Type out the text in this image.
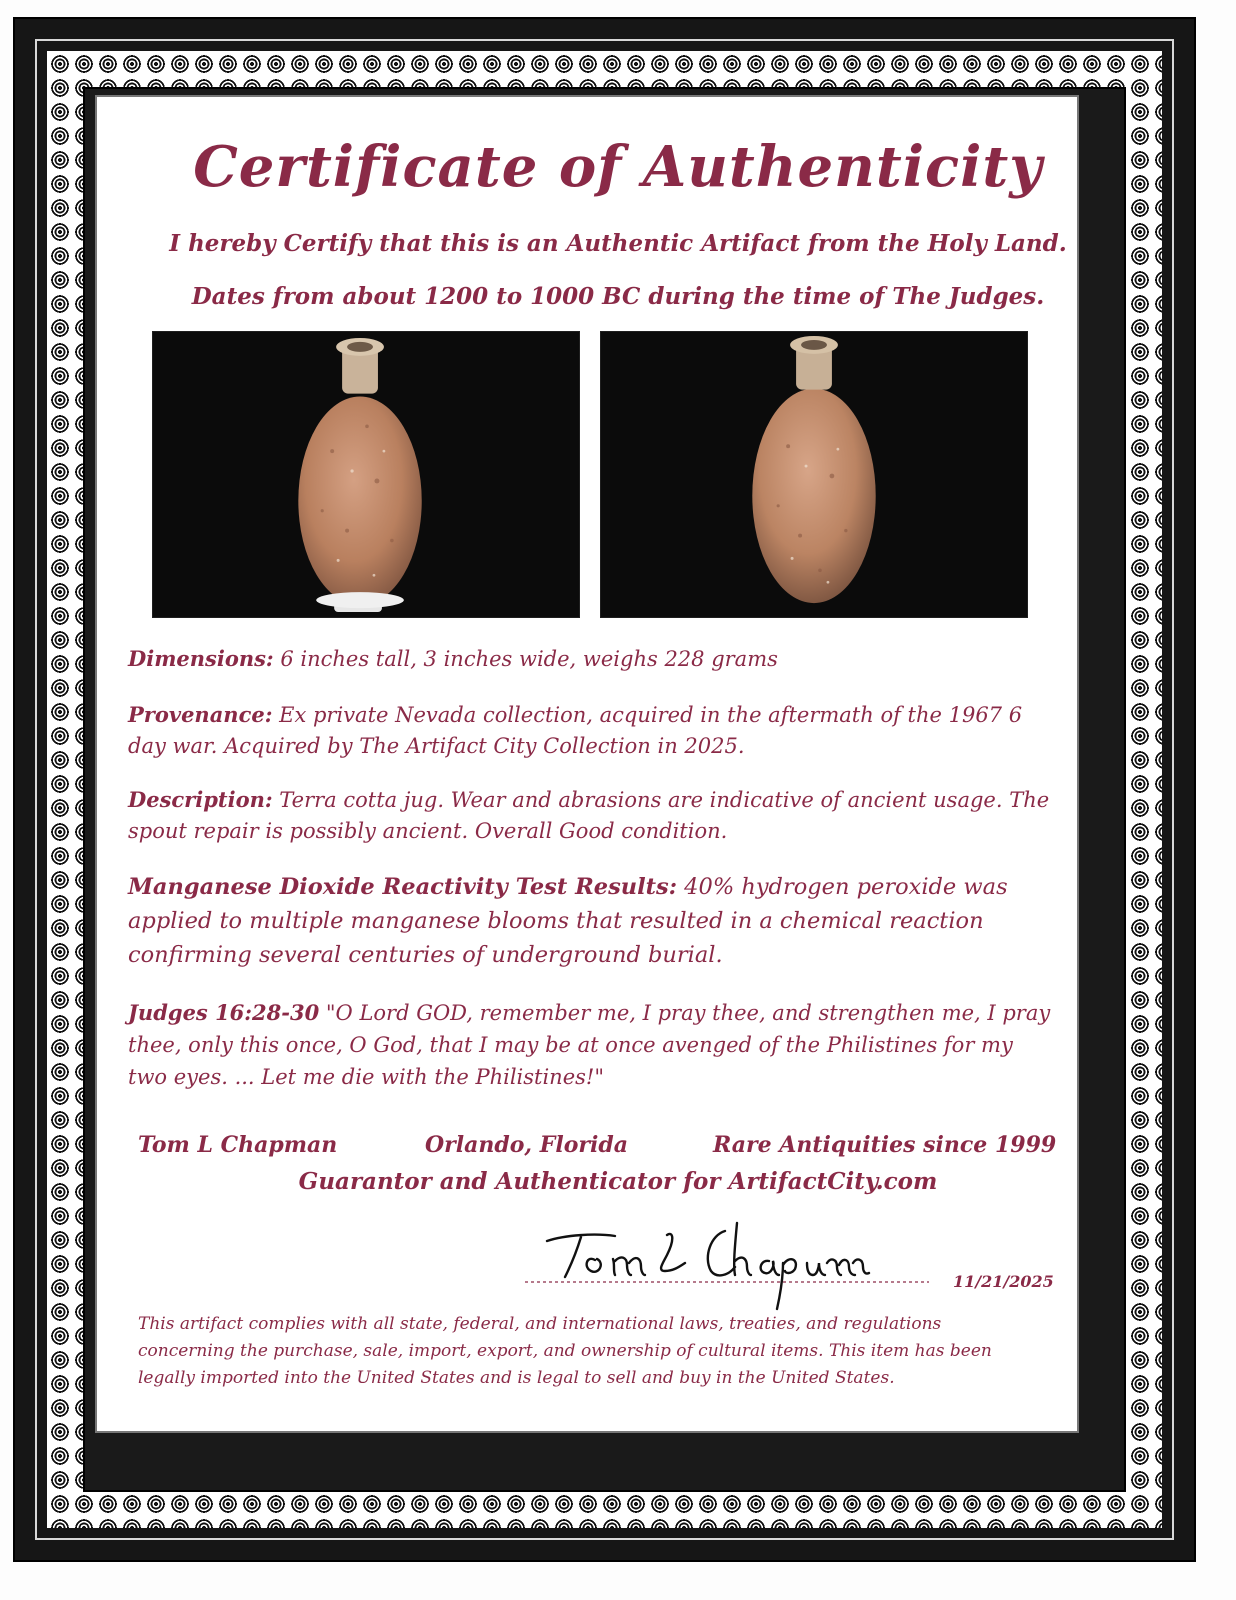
Certificate of Authenticity
I hereby Certify that this is an Authentic Artifact from the Holy Land.
Dates from about 1200 to 1000 BC during the time of The Judges.
Dimensions: 6 inches tall, 3 inches wide, weighs 228 grams
Provenance: Ex private Nevada collection, acquired in the aftermath of the 1967 6 day war. Acquired by The Artifact City Collection in 2025.
Description: Terra cotta jug. Wear and abrasions are indicative of ancient usage. The spout repair is possibly ancient. Overall Good condition.
Manganese Dioxide Reactivity Test Results: 40% hydrogen peroxide was applied to multiple manganese blooms that resulted in a chemical reaction confirming several centuries of underground burial.
Judges 16:28-30 "O Lord GOD, remember me, I pray thee, and strengthen me, I pray thee, only this once, O God, that I may be at once avenged of the Philistines for my two eyes. ... Let me die with the Philistines!"
Tom L Chapman	Orlando, Florida	Rare Antiquities since 1999
Guarantor and Authenticator for ArtifactCity.com
11/21/2025
This artifact complies with all state, federal, and international laws, treaties, and regulations concerning the purchase, sale, import, export, and ownership of cultural items. This item has been legally imported into the United States and is legal to sell and buy in the United States.
